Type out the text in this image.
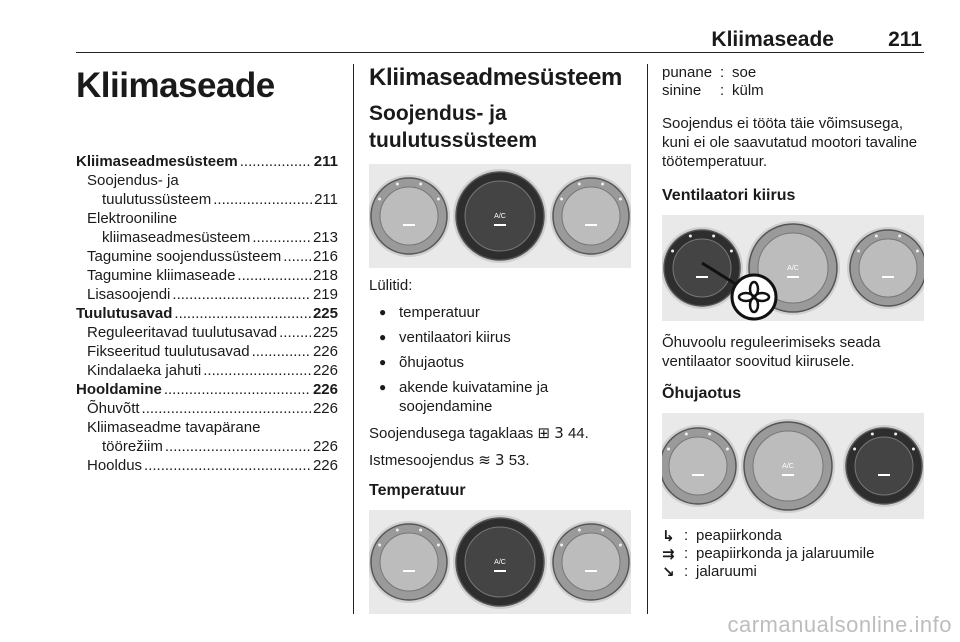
Kliimaseade	211
Kliimaseade
Kliimaseadmesüsteem .....	211
Soojendus- ja
tuulutussüsteem .....	211
Elektrooniline
kliimaseadmesüsteem .....	213
Tagumine soojendussüsteem ..... 216
Tagumine kliimaseade .....	218
Lisasoojendi .....	219
Tuulutusavad .....	225
Reguleeritavad tuulutusavad ..... 225
Fikseeritud tuulutusavad .....	226
Kindalaeka jahuti .....	226
Hooldamine .....	226
Õhuvõtt .....	226
Kliimaseadme tavapärane
töörežiim .....	226
Hooldus .....	226
Kliimaseadmesüsteem
Soojendus- ja tuulutussüsteem
A/C

Lülitid:

● temperatuur
● ventilaatori kiirus
● õhujaotus
● akende kuivatamine ja soojendamine

Soojendusega tagaklaas ⊞ 3 44.

Istmesoojendus ≋ 3 53.

Temperatuur
A/C
punane : soe
sinine	: külm

Soojendus ei tööta täie võimsusega, kuni ei ole saavutatud mootori tavaline töötemperatuur.

Ventilaatori kiirus
A/C

Õhuvoolu reguleerimiseks seada ventilaator soovitud kiirusele.

Õhujaotus
A/C
↳ : peapiirkonda
⇉ : peapiirkonda ja jalaruumile
↘ : jalaruumi
carmanualsonline.info
